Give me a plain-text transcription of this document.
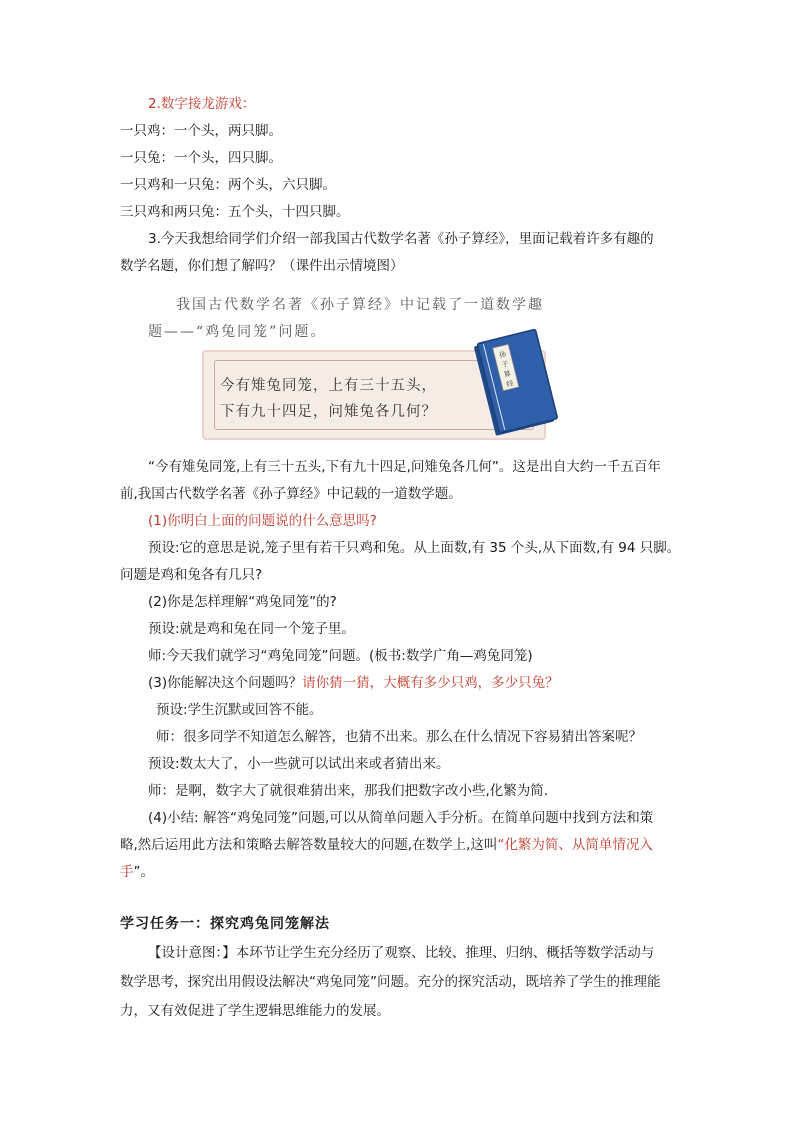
2.数字接龙游戏：
一只鸡：一个头，两只脚。
一只兔：一个头，四只脚。
一只鸡和一只兔：两个头，六只脚。
三只鸡和两只兔：五个头，十四只脚。
3.今天我想给同学们介绍一部我国古代数学名著《孙子算经》，里面记载着许多有趣的
数学名题，你们想了解吗？（课件出示情境图）
我国古代数学名著《孙子算经》中记载了一道数学趣
题——“鸡兔同笼”问题。
今有雉兔同笼，上有三十五头，
下有九十四足，问雉兔各几何？
孙
子
算
经
“今有雉兔同笼,上有三十五头,下有九十四足,问雉兔各几何”。这是出自大约一千五百年
前,我国古代数学名著《孙子算经》中记载的一道数学题。
(1)你明白上面的问题说的什么意思吗?
预设:它的意思是说,笼子里有若干只鸡和兔。从上面数,有 35 个头,从下面数,有 94 只脚。
问题是鸡和兔各有几只?
(2)你是怎样理解“鸡兔同笼”的?
预设:就是鸡和兔在同一个笼子里。
师:今天我们就学习“鸡兔同笼”问题。(板书:数学广角—鸡兔同笼)
(3)你能解决这个问题吗？请你猜一猜，大概有多少只鸡，多少只兔？
预设:学生沉默或回答不能。
师：很多同学不知道怎么解答，也猜不出来。那么在什么情况下容易猜出答案呢？
预设:数太大了，小一些就可以试出来或者猜出来。
师：是啊，数字大了就很难猜出来，那我们把数字改小些,化繁为简.
(4)小结: 解答“鸡兔同笼”问题,可以从简单问题入手分析。在简单问题中找到方法和策
略,然后运用此方法和策略去解答数量较大的问题,在数学上,这叫“化繁为简、从简单情况入
手”。
学习任务一：探究鸡兔同笼解法
【设计意图：】本环节让学生充分经历了观察、比较、推理、归纳、概括等数学活动与
数学思考，探究出用假设法解决“鸡兔同笼”问题。充分的探究活动，既培养了学生的推理能
力，又有效促进了学生逻辑思维能力的发展。
